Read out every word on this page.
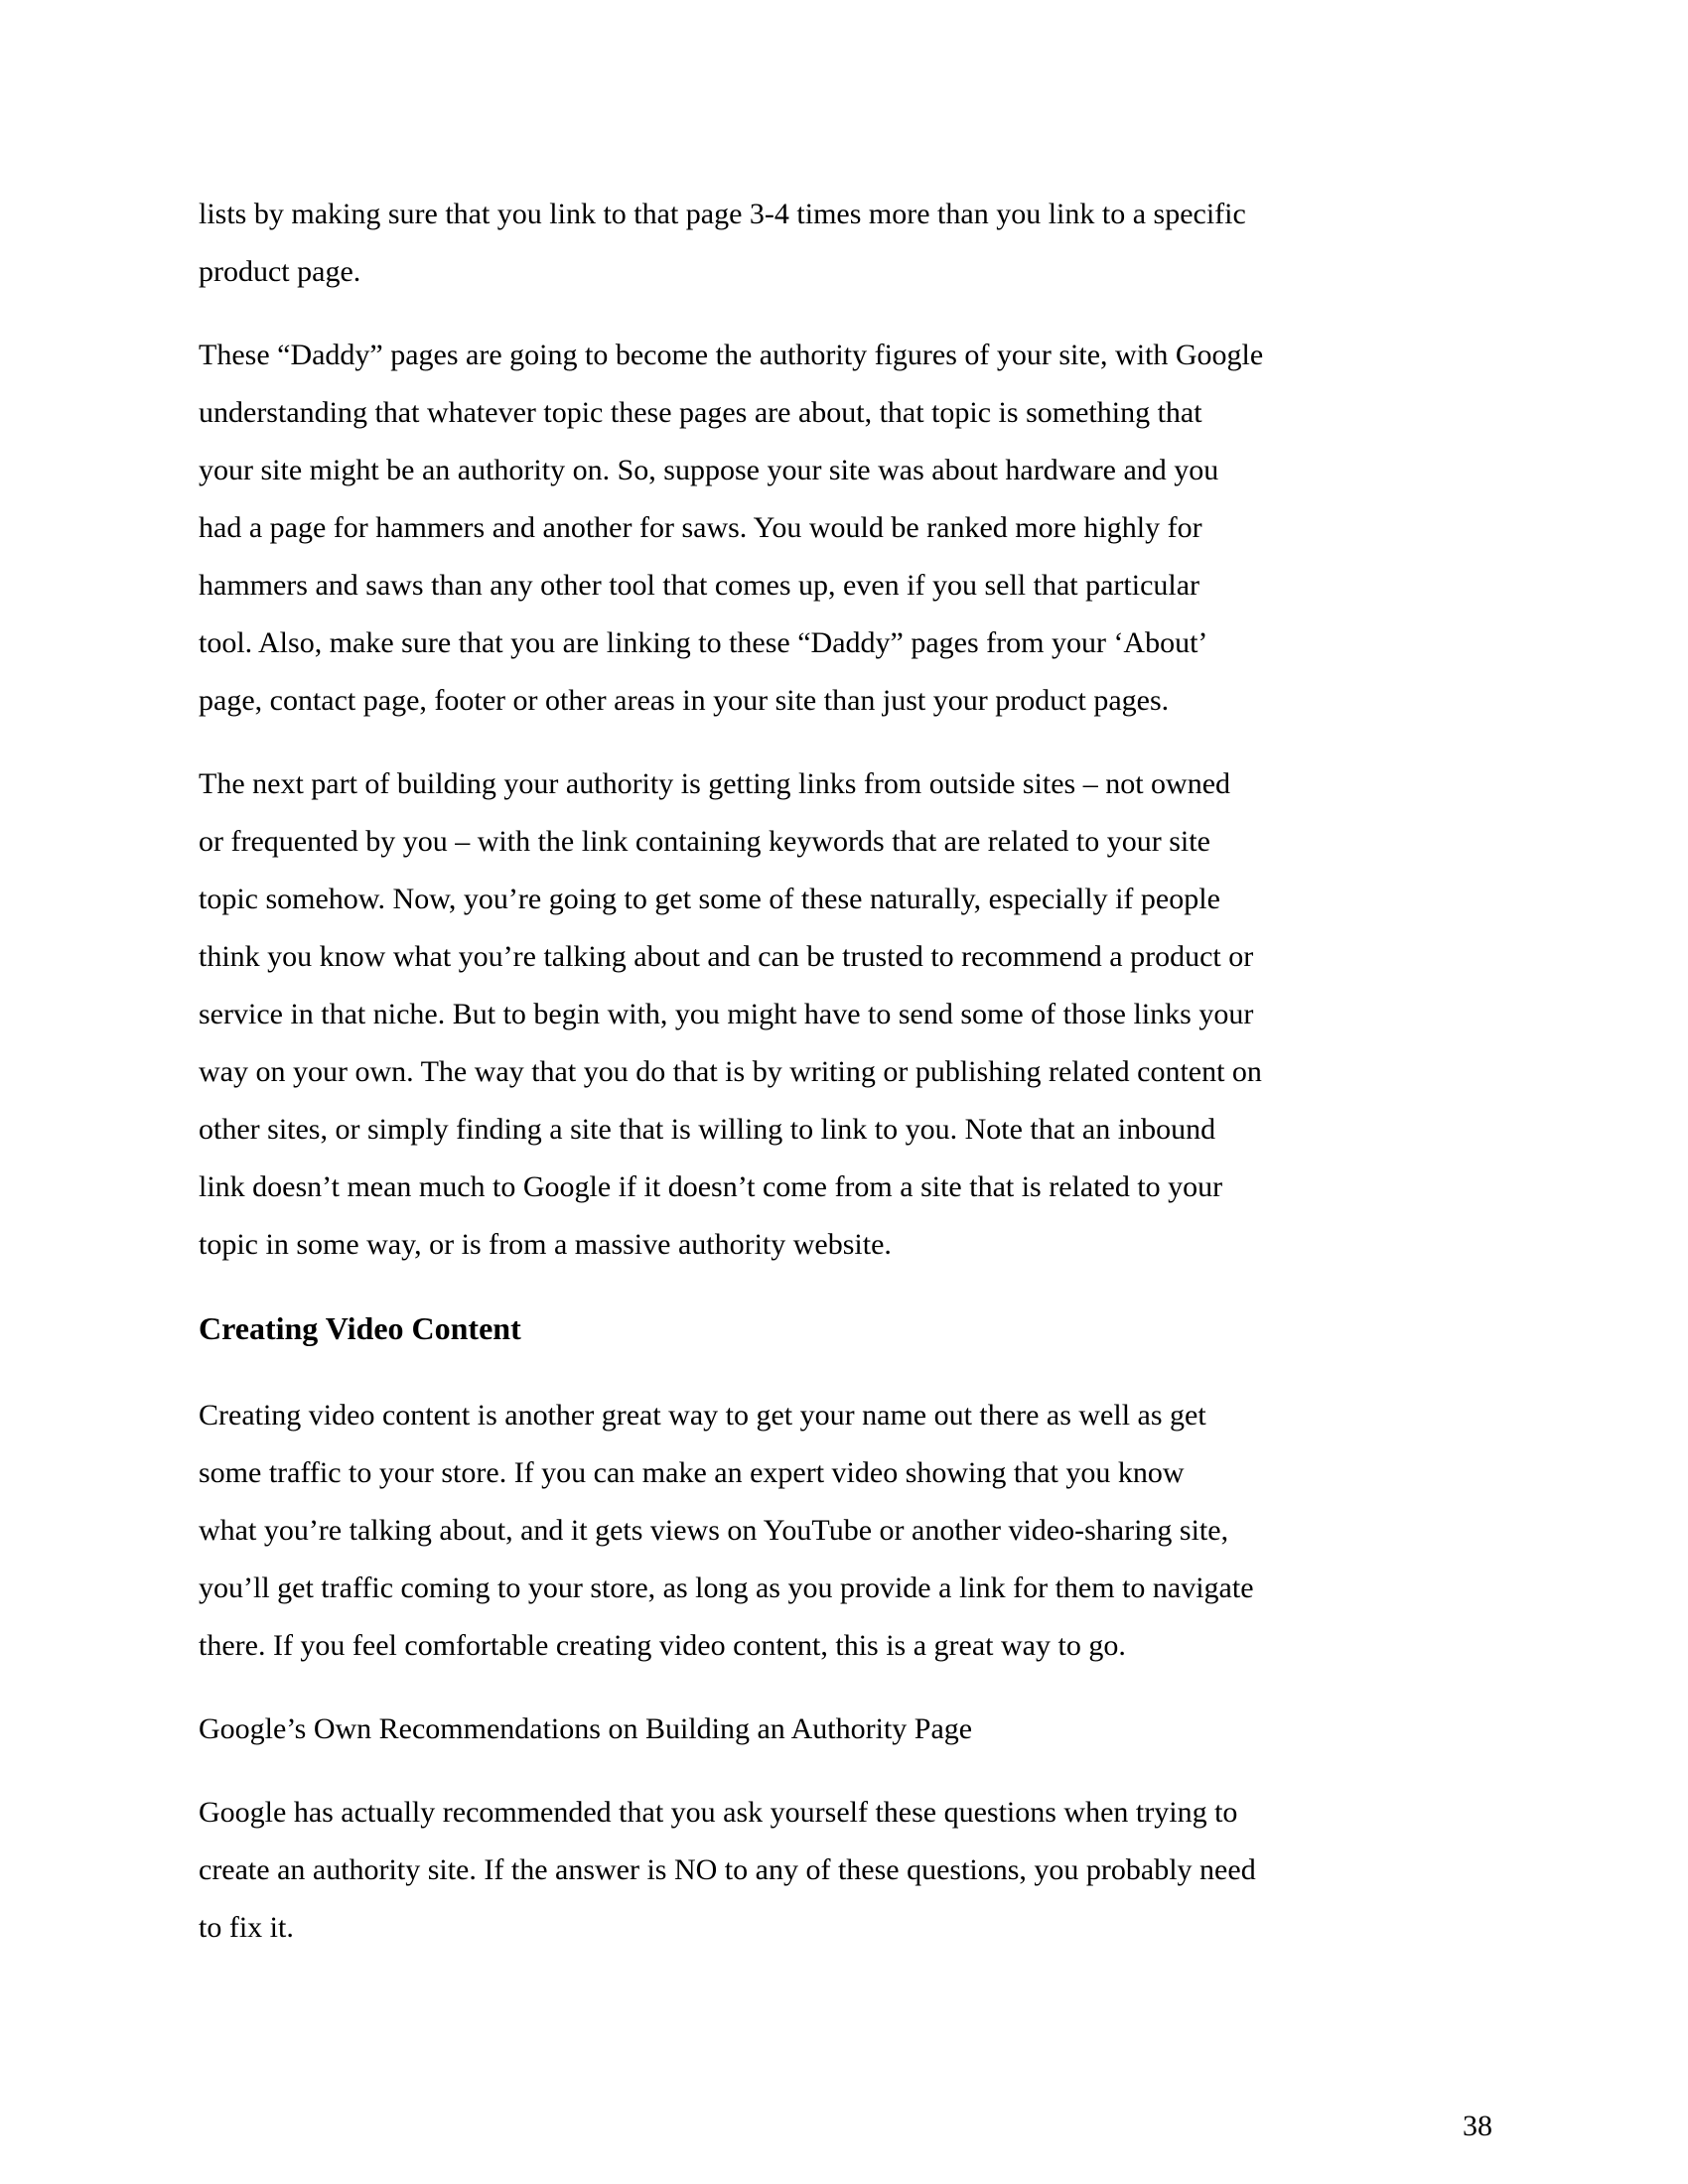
lists by making sure that you link to that page 3-4 times more than you link to a specific
product page.
These “Daddy” pages are going to become the authority figures of your site, with Google
understanding that whatever topic these pages are about, that topic is something that
your site might be an authority on. So, suppose your site was about hardware and you
had a page for hammers and another for saws. You would be ranked more highly for
hammers and saws than any other tool that comes up, even if you sell that particular
tool. Also, make sure that you are linking to these “Daddy” pages from your ‘About’
page, contact page, footer or other areas in your site than just your product pages.
The next part of building your authority is getting links from outside sites – not owned
or frequented by you – with the link containing keywords that are related to your site
topic somehow. Now, you’re going to get some of these naturally, especially if people
think you know what you’re talking about and can be trusted to recommend a product or
service in that niche. But to begin with, you might have to send some of those links your
way on your own. The way that you do that is by writing or publishing related content on
other sites, or simply finding a site that is willing to link to you. Note that an inbound
link doesn’t mean much to Google if it doesn’t come from a site that is related to your
topic in some way, or is from a massive authority website.
Creating Video Content
Creating video content is another great way to get your name out there as well as get
some traffic to your store. If you can make an expert video showing that you know
what you’re talking about, and it gets views on YouTube or another video-sharing site,
you’ll get traffic coming to your store, as long as you provide a link for them to navigate
there. If you feel comfortable creating video content, this is a great way to go.
Google’s Own Recommendations on Building an Authority Page
Google has actually recommended that you ask yourself these questions when trying to
create an authority site. If the answer is NO to any of these questions, you probably need
to fix it.
38
